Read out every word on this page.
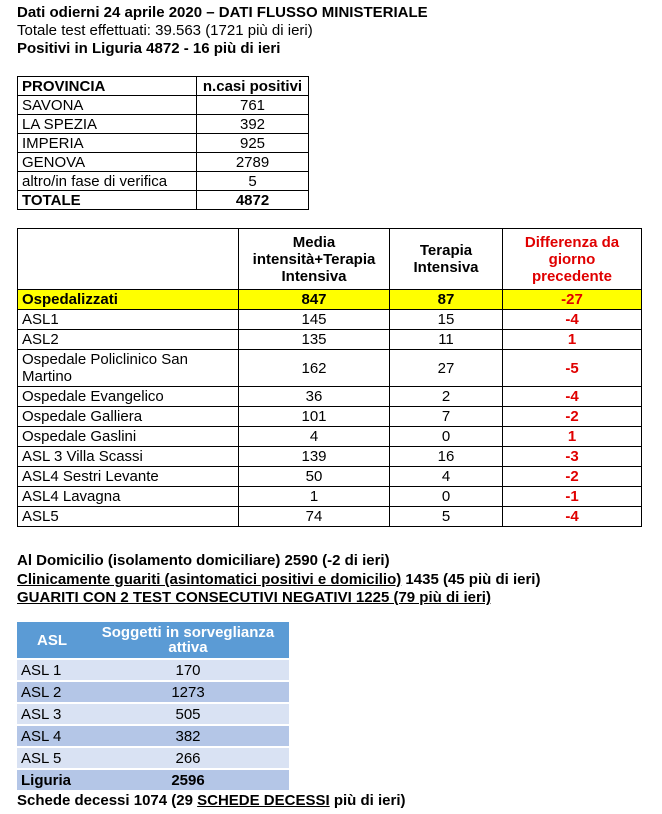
Dati odierni 24 aprile 2020 – DATI FLUSSO MINISTERIALE
Totale test effettuati: 39.563 (1721 più di ieri)
Positivi in Liguria 4872 - 16 più di ieri
PROVINCIA	n.casi positivi
SAVONA	761
LA SPEZIA	392
IMPERIA	925
GENOVA	2789
altro/in fase di verifica	5
TOTALE	4872
	Media intensità+Terapia Intensiva	Terapia Intensiva	Differenza da giorno precedente
Ospedalizzati	847	87	-27
ASL1	145	15	-4
ASL2	135	11	1
Ospedale Policlinico San Martino	162	27	-5
Ospedale Evangelico	36	2	-4
Ospedale Galliera	101	7	-2
Ospedale Gaslini	4	0	1
ASL 3 Villa Scassi	139	16	-3
ASL4 Sestri Levante	50	4	-2
ASL4 Lavagna	1	0	-1
ASL5	74	5	-4
Al Domicilio (isolamento domiciliare) 2590 (-2 di ieri)
Clinicamente guariti (asintomatici positivi e domicilio) 1435 (45 più di ieri)
GUARITI CON 2 TEST CONSECUTIVI NEGATIVI 1225 (79 più di ieri)
ASL	Soggetti in sorveglianza attiva
ASL 1	170
ASL 2	1273
ASL 3	505
ASL 4	382
ASL 5	266
Liguria	2596
Schede decessi 1074 (29 SCHEDE DECESSI più di ieri)
